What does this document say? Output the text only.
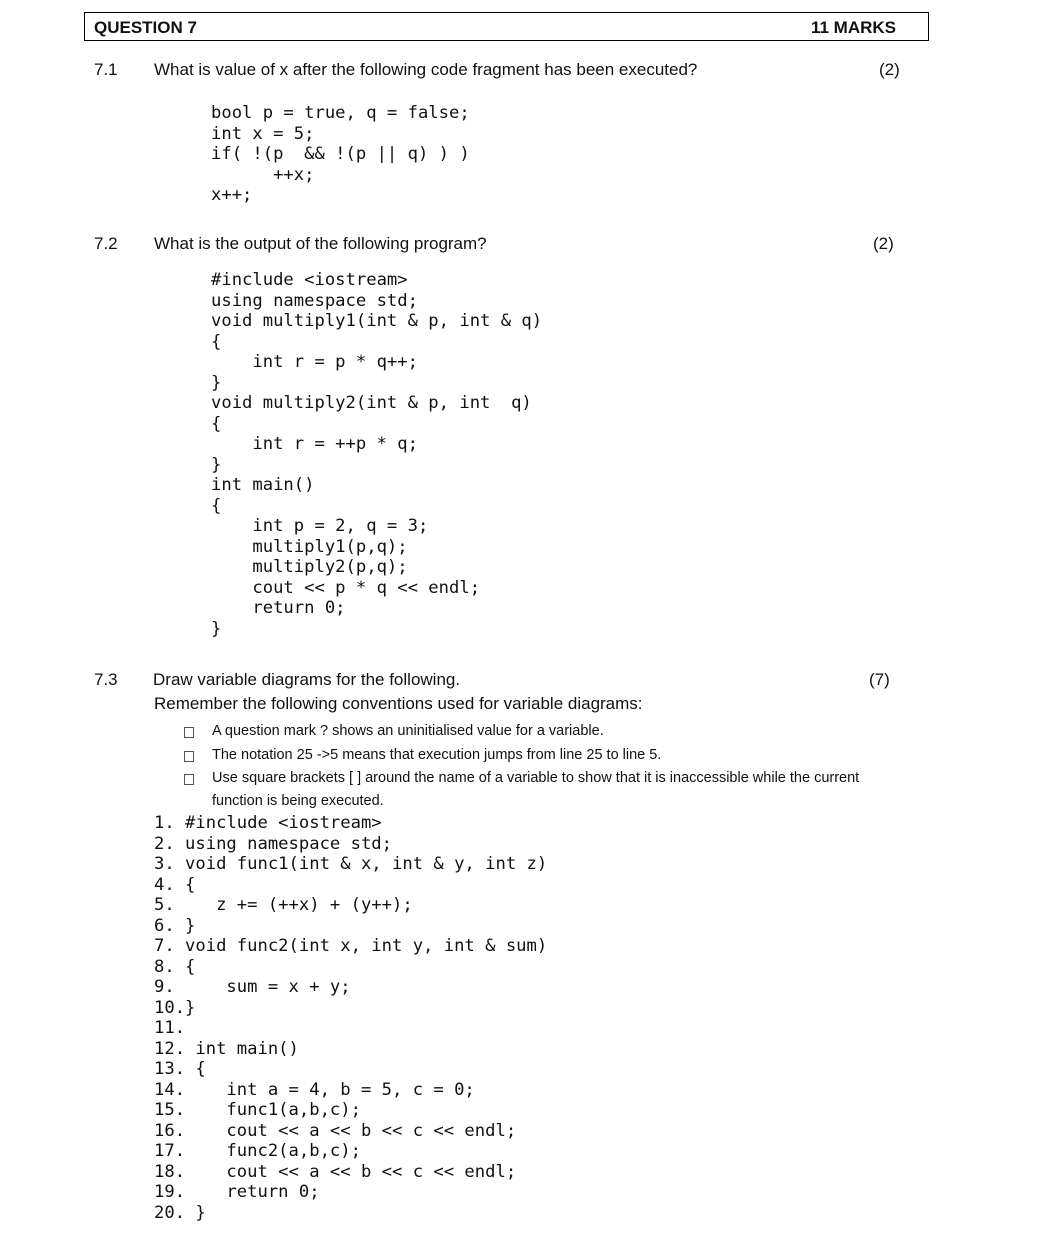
QUESTION 7	11 MARKS
7.1 What is value of x after the following code fragment has been executed?	(2)
bool p = true, q = false;
int x = 5;
if( !(p  && !(p || q) ) )
++x;
x++;
7.2 What is the output of the following program?	(2)
#include <iostream>
using namespace std;
void multiply1(int & p, int & q)
{
int r = p * q++;
}
void multiply2(int & p, int  q)
{
int r = ++p * q;
}
int main()
{
int p = 2, q = 3;
multiply1(p,q);
multiply2(p,q);
cout << p * q << endl;
return 0;
}
7.3 Draw variable diagrams for the following.	(7)
Remember the following conventions used for variable diagrams:
A question mark ? shows an uninitialised value for a variable.
The notation 25 ->5 means that execution jumps from line 25 to line 5.
Use square brackets [ ] around the name of a variable to show that it is inaccessible while the current function is being executed.
1. #include <iostream>
2. using namespace std;
3. void func1(int & x, int & y, int z)
4. {
5.    z += (++x) + (y++);
6. }
7. void func2(int x, int y, int & sum)
8. {
9.     sum = x + y;
10.}
11.
12. int main()
13. {
14.    int a = 4, b = 5, c = 0;
15.    func1(a,b,c);
16.    cout << a << b << c << endl;
17.    func2(a,b,c);
18.    cout << a << b << c << endl;
19.    return 0;
20. }
